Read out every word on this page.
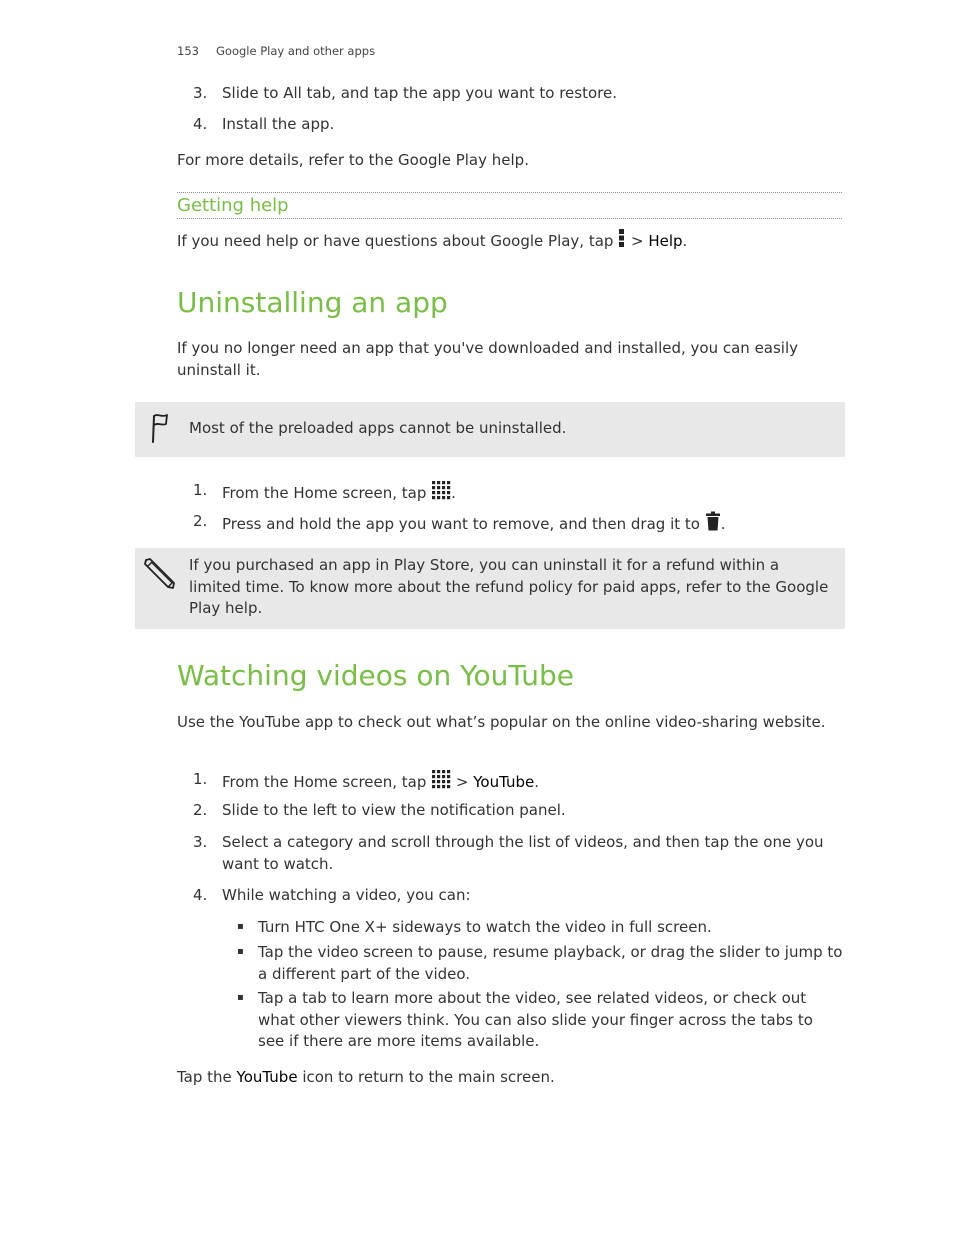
153 Google Play and other apps
3. Slide to All tab, and tap the app you want to restore.
4. Install the app.
For more details, refer to the Google Play help.
Getting help
If you need help or have questions about Google Play, tap  > Help.
Uninstalling an app
If you no longer need an app that you've downloaded and installed, you can easily uninstall it.
Most of the preloaded apps cannot be uninstalled.
1. From the Home screen, tap .
2. Press and hold the app you want to remove, and then drag it to .
If you purchased an app in Play Store, you can uninstall it for a refund within a limited time. To know more about the refund policy for paid apps, refer to the Google Play help.
Watching videos on YouTube
Use the YouTube app to check out what’s popular on the online video-sharing website.
1. From the Home screen, tap  > YouTube.
2. Slide to the left to view the notification panel.
3. Select a category and scroll through the list of videos, and then tap the one you want to watch.
4. While watching a video, you can:
▪ Turn HTC One X+ sideways to watch the video in full screen.
▪ Tap the video screen to pause, resume playback, or drag the slider to jump to a different part of the video.
▪ Tap a tab to learn more about the video, see related videos, or check out what other viewers think. You can also slide your finger across the tabs to see if there are more items available.
Tap the YouTube icon to return to the main screen.
